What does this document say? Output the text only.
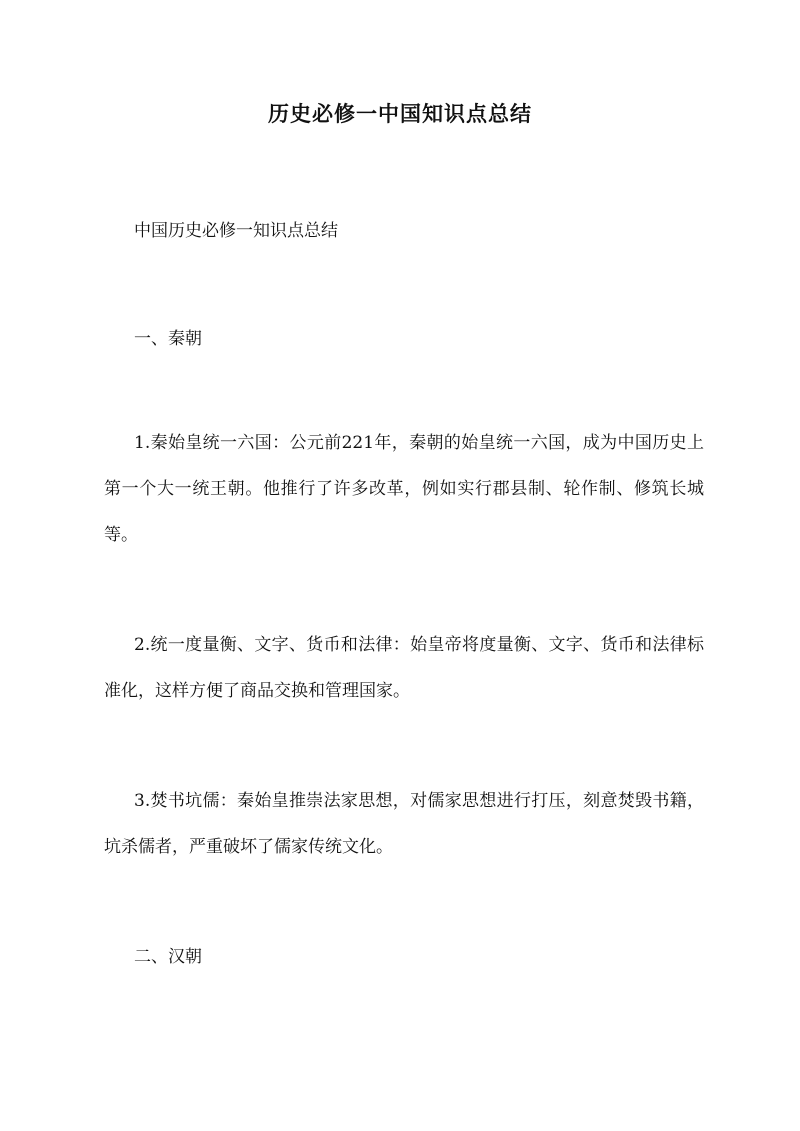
历史必修一中国知识点总结
中国历史必修一知识点总结
一、秦朝
1.秦始皇统一六国：公元前221年，秦朝的始皇统一六国，成为中国历史上第一个大一统王朝。他推行了许多改革，例如实行郡县制、轮作制、修筑长城等。
2.统一度量衡、文字、货币和法律：始皇帝将度量衡、文字、货币和法律标准化，这样方便了商品交换和管理国家。
3.焚书坑儒：秦始皇推崇法家思想，对儒家思想进行打压，刻意焚毁书籍，坑杀儒者，严重破坏了儒家传统文化。
二、汉朝
